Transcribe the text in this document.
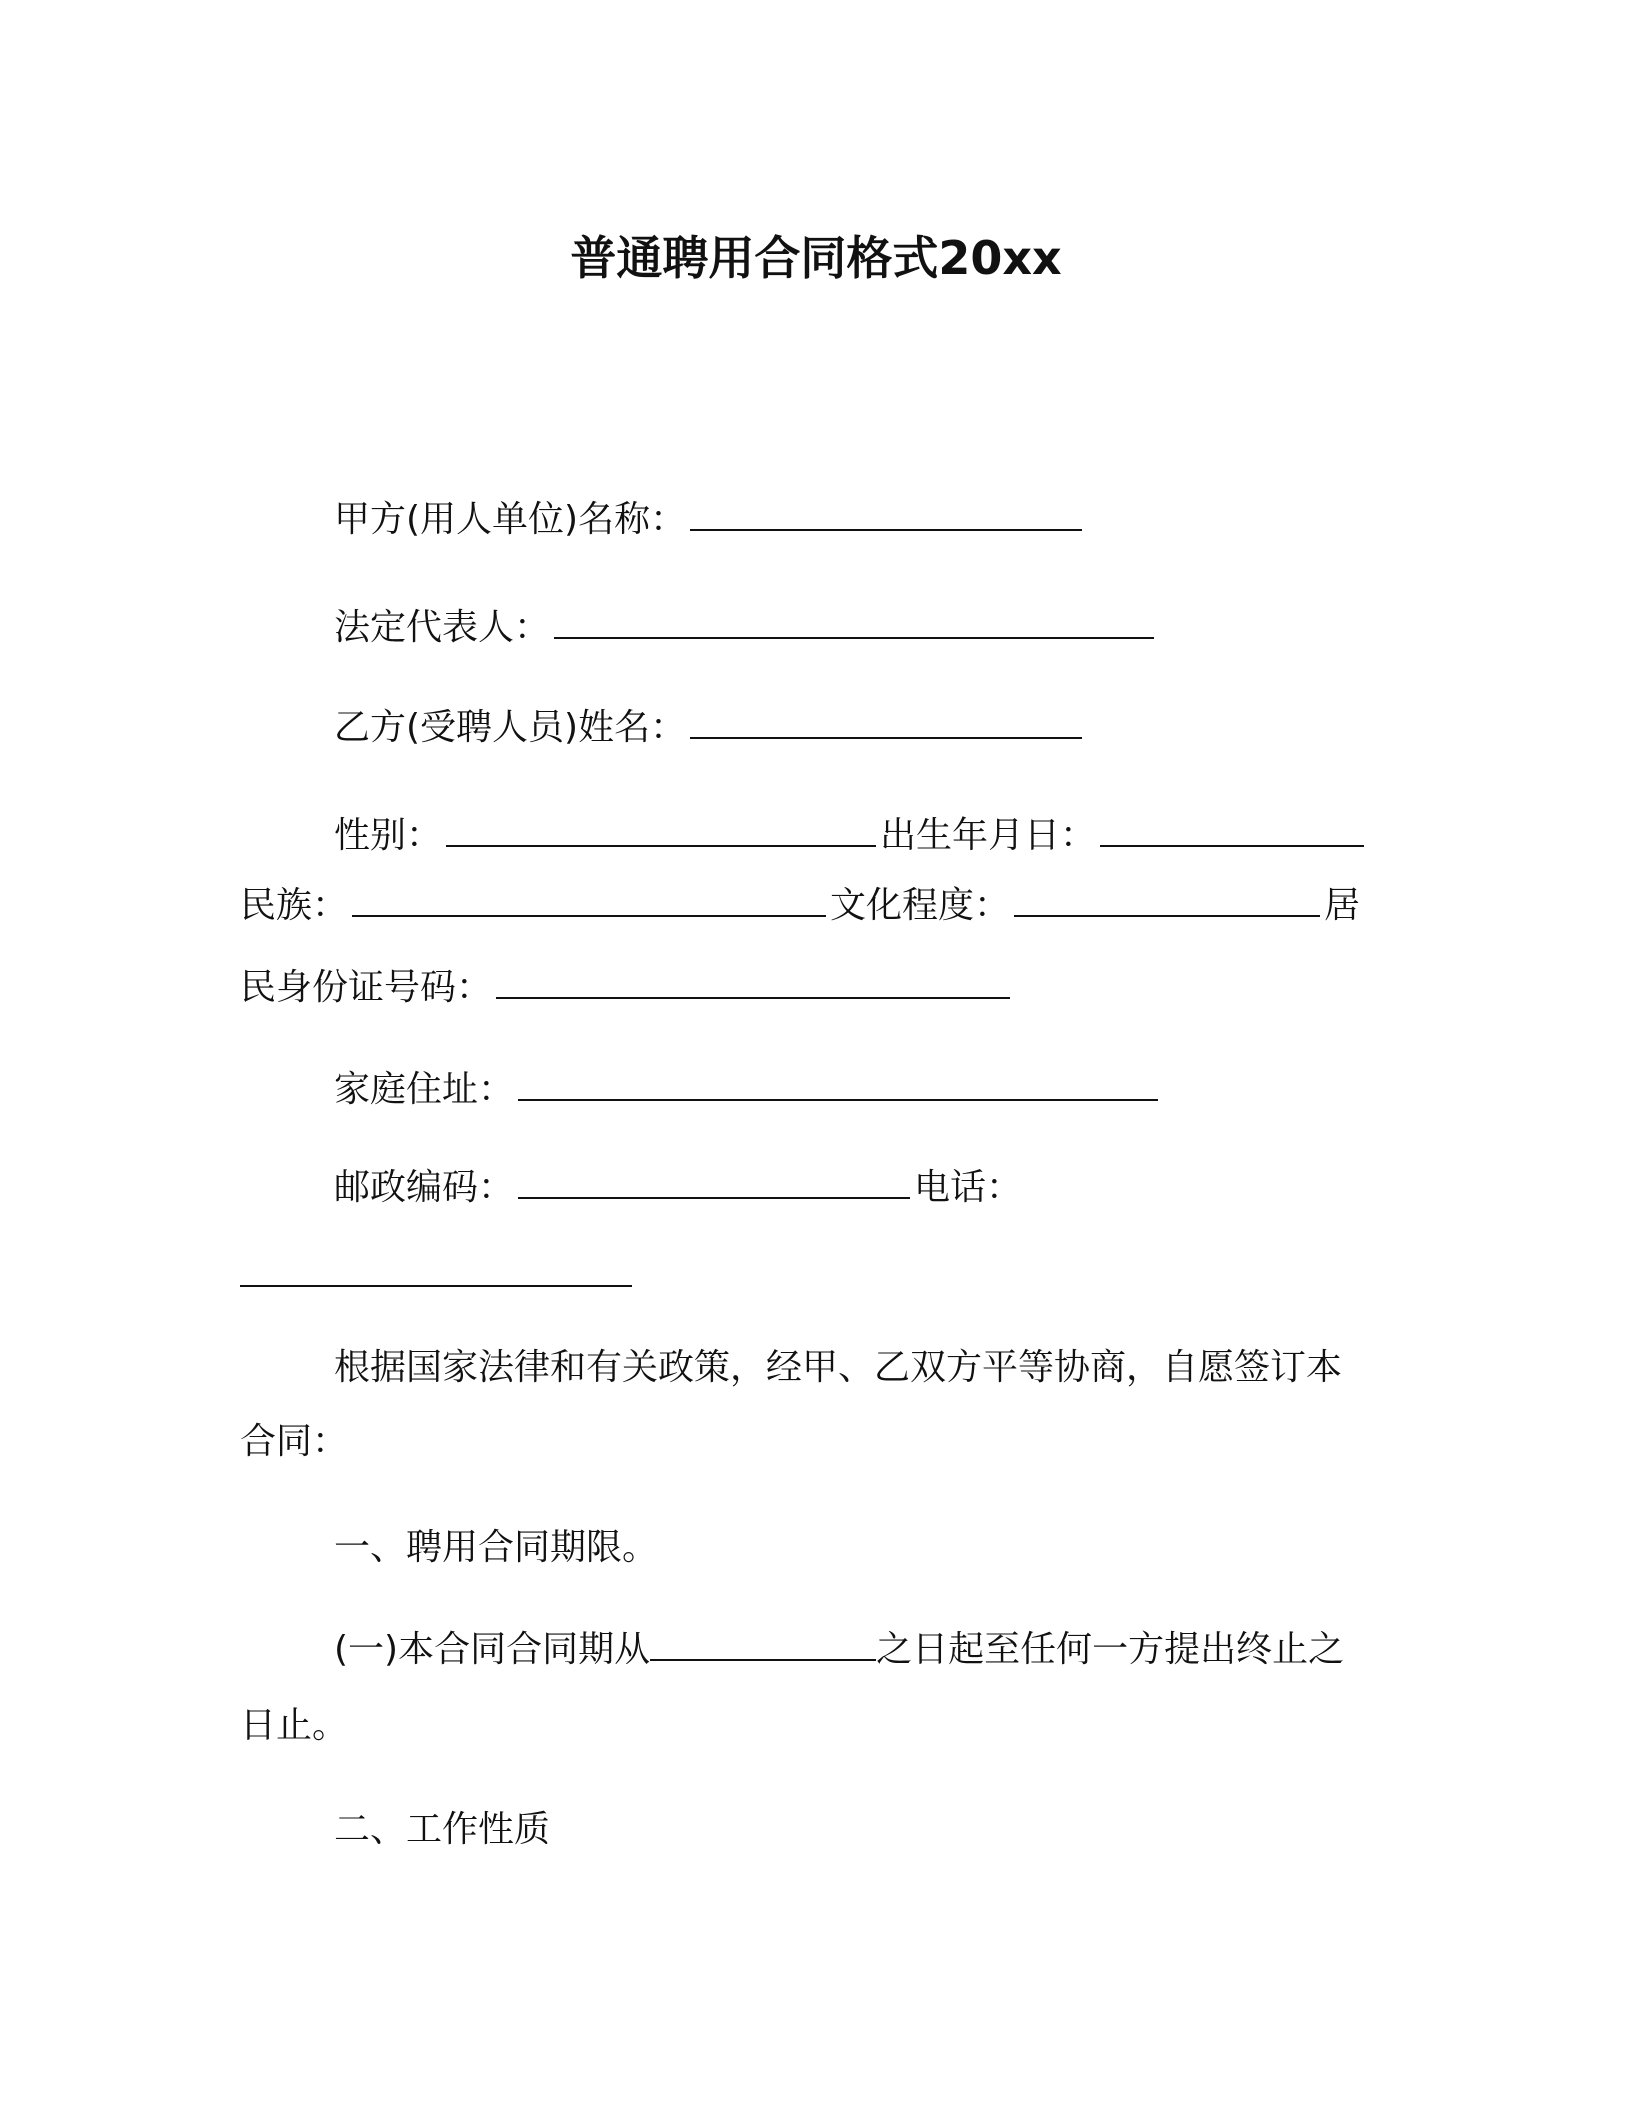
普通聘用合同格式20xx
甲方(用人单位)名称：
法定代表人：
乙方(受聘人员)姓名：
性别：	出生年月日：
民族：	文化程度：	居
民身份证号码：
家庭住址：
邮政编码：	电话：
根据国家法律和有关政策，经甲、乙双方平等协商，自愿签订本
合同：
一、聘用合同期限。
(一)本合同合同期从	之日起至任何一方提出终止之
日止。
二、工作性质
